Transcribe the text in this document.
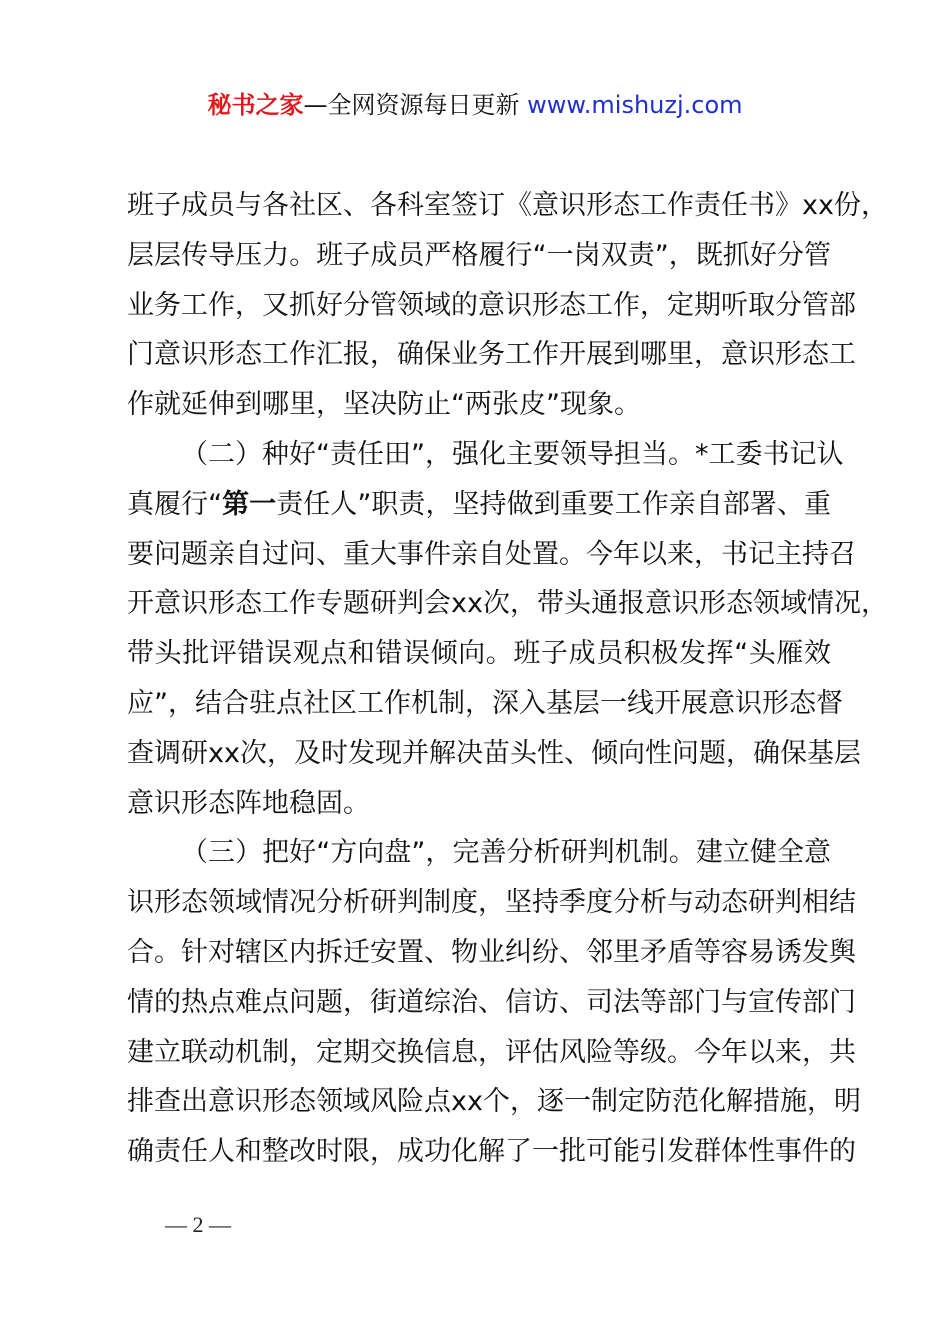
秘书之家—全网资源每日更新 www.mishuzj.com
班子成员与各社区、各科室签订《意识形态工作责任书》xx份，
层层传导压力。班子成员严格履行“一岗双责”，既抓好分管
业务工作，又抓好分管领域的意识形态工作，定期听取分管部
门意识形态工作汇报，确保业务工作开展到哪里，意识形态工
作就延伸到哪里，坚决防止“两张皮”现象。
（二）种好“责任田”，强化主要领导担当。*工委书记认
真履行“第一责任人”职责，坚持做到重要工作亲自部署、重
要问题亲自过问、重大事件亲自处置。今年以来，书记主持召
开意识形态工作专题研判会xx次，带头通报意识形态领域情况，
带头批评错误观点和错误倾向。班子成员积极发挥“头雁效
应”，结合驻点社区工作机制，深入基层一线开展意识形态督
查调研xx次，及时发现并解决苗头性、倾向性问题，确保基层
意识形态阵地稳固。
（三）把好“方向盘”，完善分析研判机制。建立健全意
识形态领域情况分析研判制度，坚持季度分析与动态研判相结
合。针对辖区内拆迁安置、物业纠纷、邻里矛盾等容易诱发舆
情的热点难点问题，街道综治、信访、司法等部门与宣传部门
建立联动机制，定期交换信息，评估风险等级。今年以来，共
排查出意识形态领域风险点xx个，逐一制定防范化解措施，明
确责任人和整改时限，成功化解了一批可能引发群体性事件的
— 2 —
